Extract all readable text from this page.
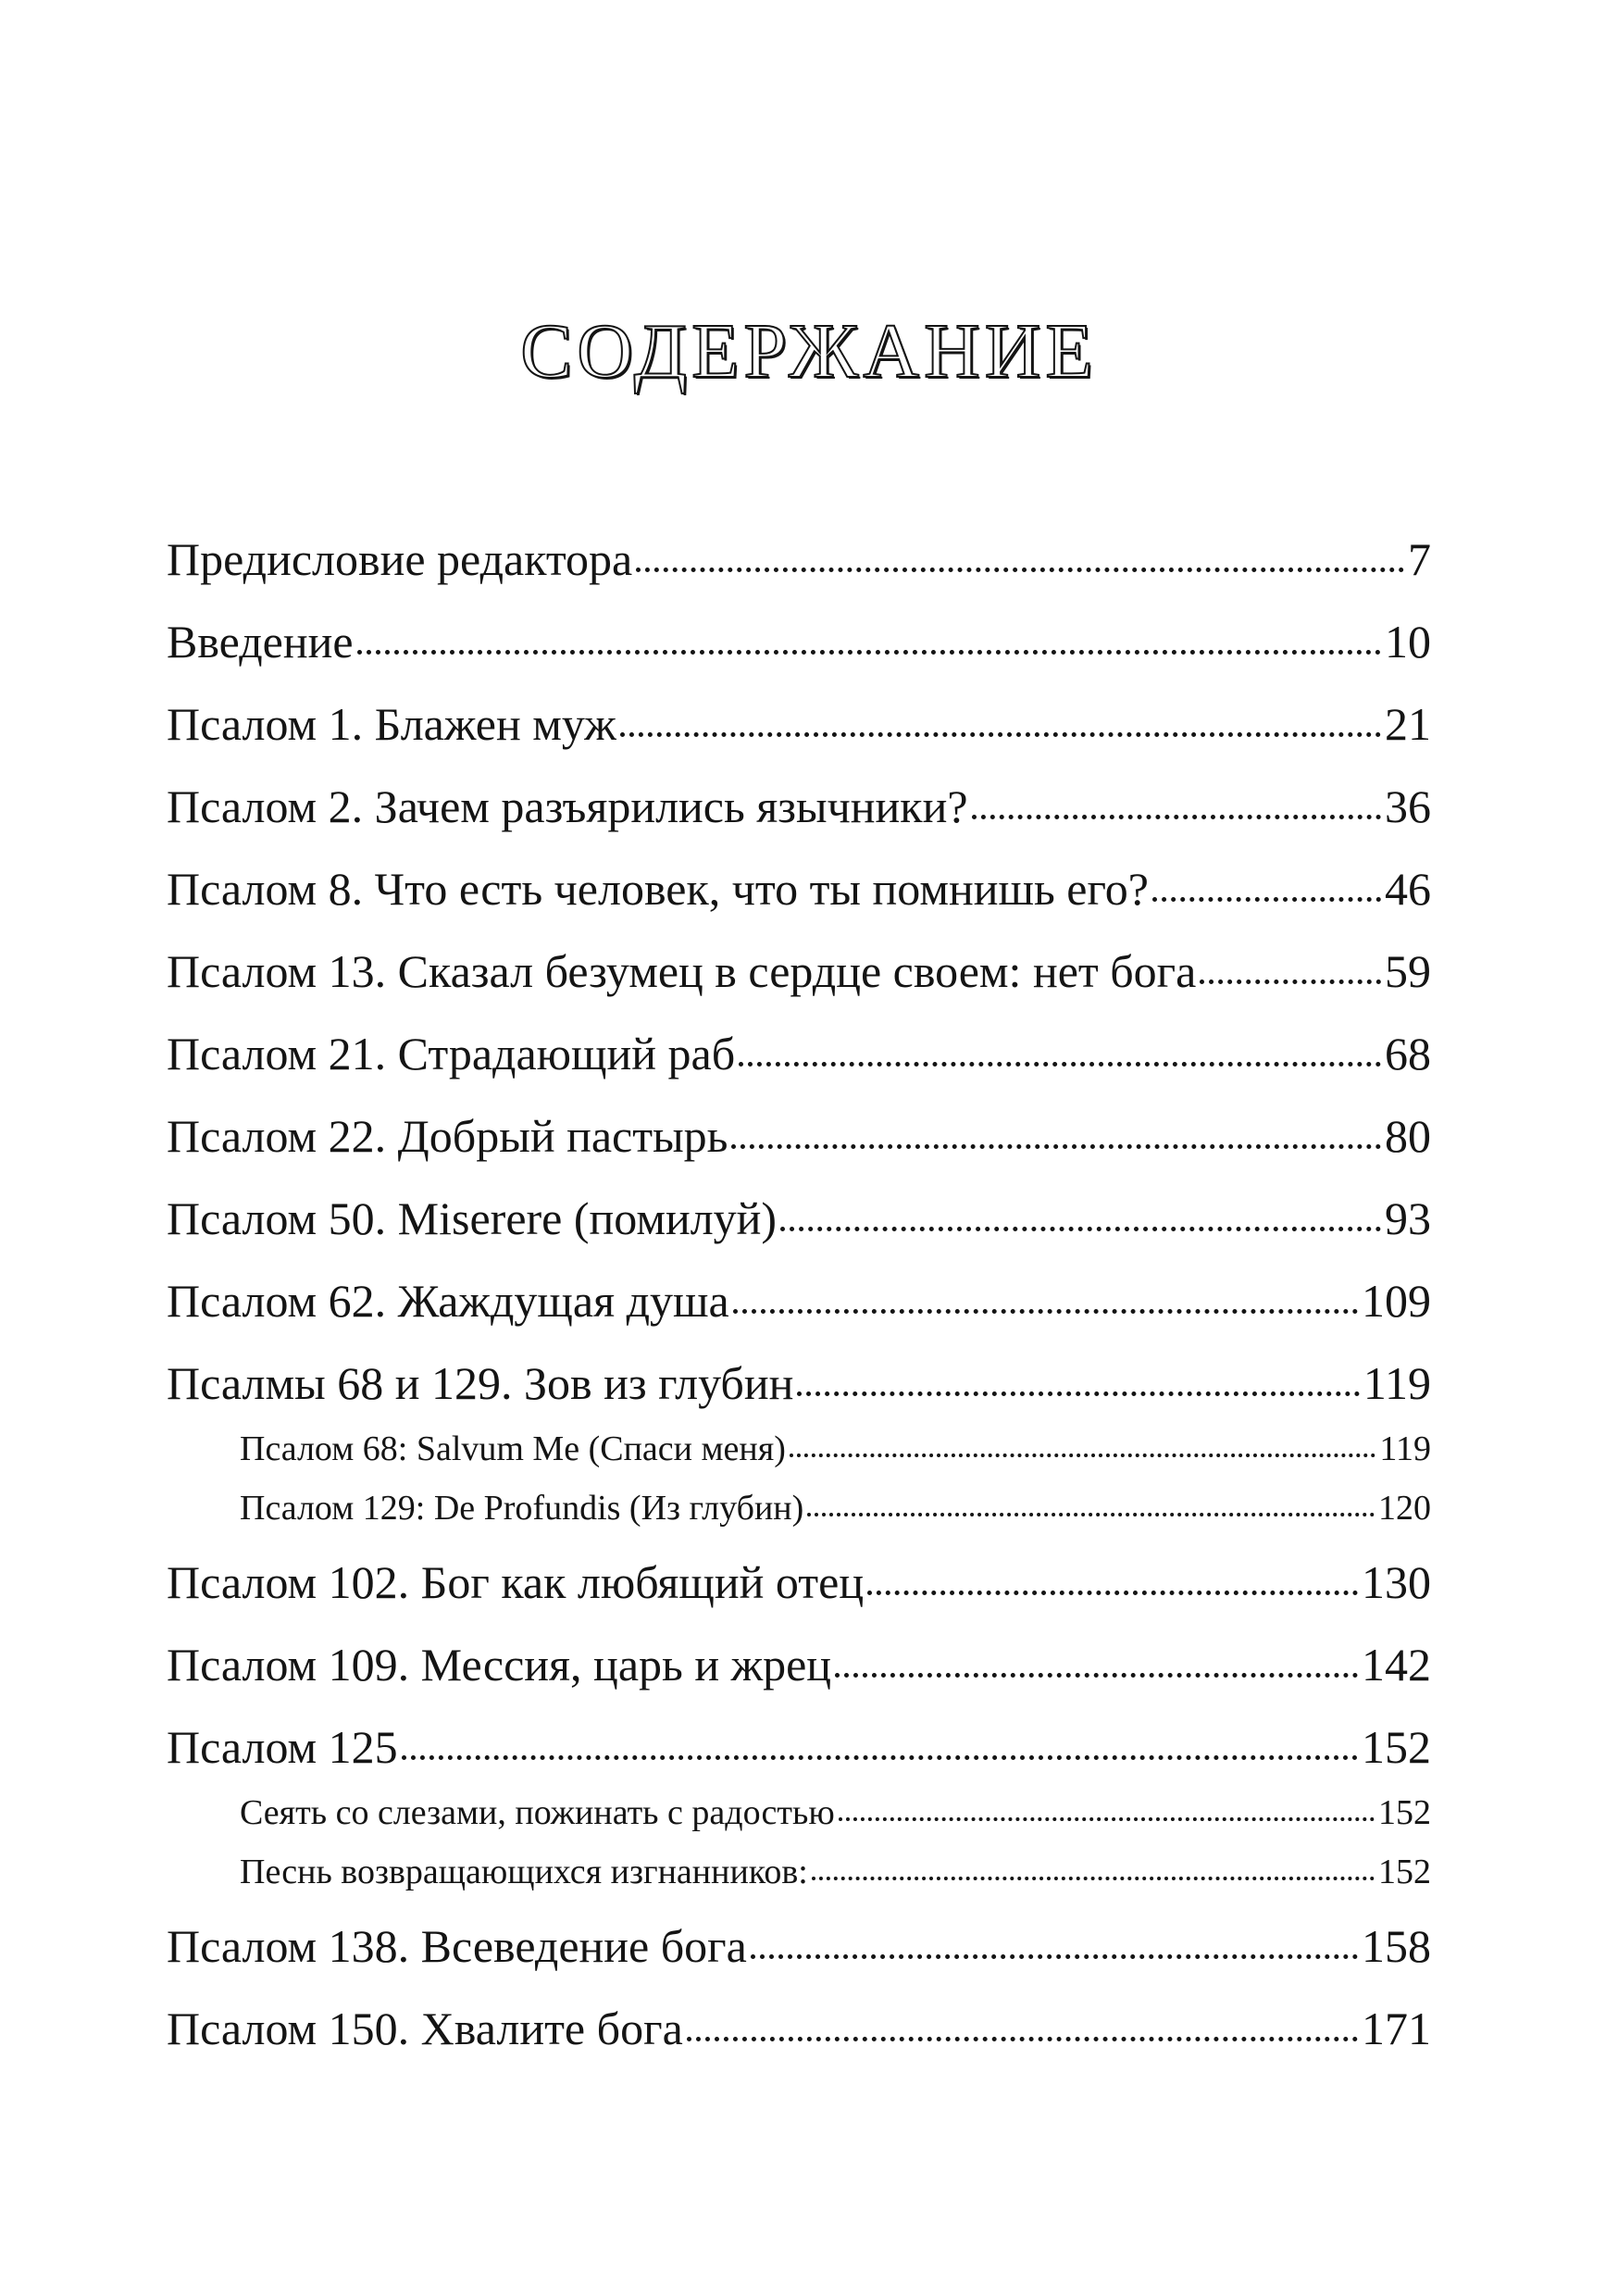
СОДЕРЖАНИЕ
Предисловие редактора	7
Введение	10
Псалом 1. Блажен муж	21
Псалом 2. Зачем разъярились язычники?	36
Псалом 8. Что есть человек, что ты помнишь его?	46
Псалом 13. Сказал безумец в сердце своем: нет бога	59
Псалом 21. Страдающий раб	68
Псалом 22. Добрый пастырь	80
Псалом 50. Miserere (помилуй)	93
Псалом 62. Жаждущая душа	109
Псалмы 68 и 129. Зов из глубин	119
Псалом 68: Salvum Me (Спаси меня)	119
Псалом 129: De Profundis (Из глубин)	120
Псалом 102. Бог как любящий отец	130
Псалом 109. Мессия, царь и жрец	142
Псалом 125	152
Сеять со слезами, пожинать с радостью	152
Песнь возвращающихся изгнанников:	152
Псалом 138. Всеведение бога	158
Псалом 150. Хвалите бога	171
